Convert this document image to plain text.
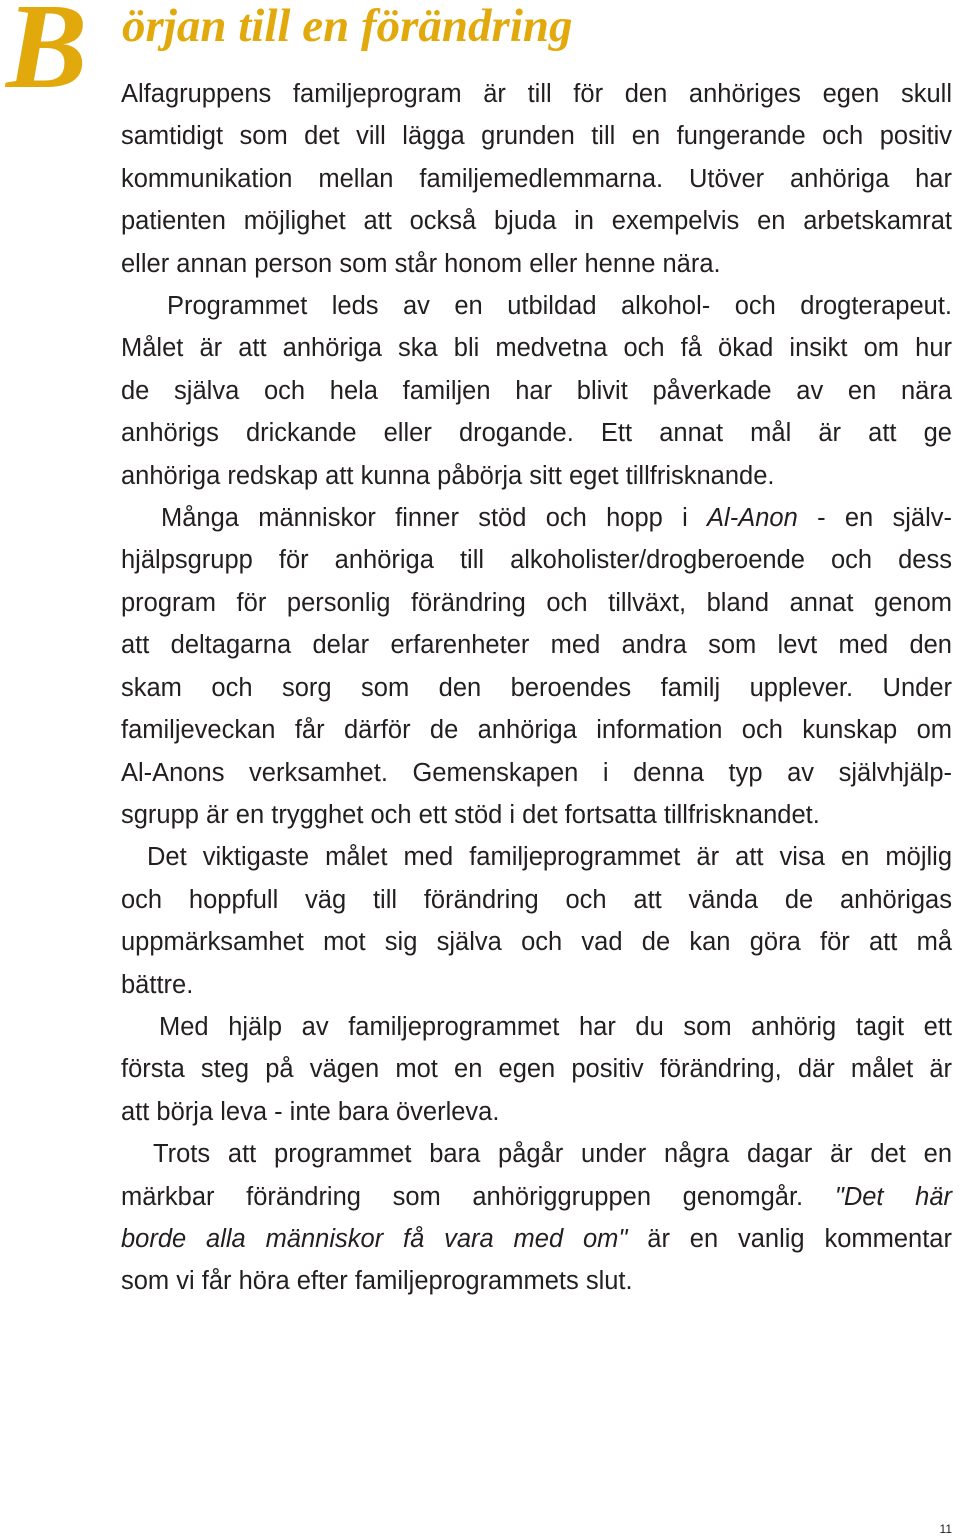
B örjan till en förändring

Alfagruppens familjeprogram är till för den anhöriges egen skull
samtidigt som det vill lägga grunden till en fungerande och positiv
kommunikation mellan familjemedlemmarna. Utöver anhöriga har
patienten möjlighet att också bjuda in exempelvis en arbetskamrat
eller annan person som står honom eller henne nära.

Programmet leds av en utbildad alkohol- och drogterapeut.
Målet är att anhöriga ska bli medvetna och få ökad insikt om hur
de själva och hela familjen har blivit påverkade av en nära
anhörigs drickande eller drogande. Ett annat mål är att ge
anhöriga redskap att kunna påbörja sitt eget tillfrisknande.

Många människor finner stöd och hopp i Al-Anon - en själv-
hjälpsgrupp för anhöriga till alkoholister/drogberoende och dess
program för personlig förändring och tillväxt, bland annat genom
att deltagarna delar erfarenheter med andra som levt med den
skam och sorg som den beroendes familj upplever. Under
familjeveckan får därför de anhöriga information och kunskap om
Al-Anons verksamhet. Gemenskapen i denna typ av självhjälp-
sgrupp är en trygghet och ett stöd i det fortsatta tillfrisknandet.

Det viktigaste målet med familjeprogrammet är att visa en möjlig
och hoppfull väg till förändring och att vända de anhörigas
uppmärksamhet mot sig själva och vad de kan göra för att må
bättre.

Med hjälp av familjeprogrammet har du som anhörig tagit ett
första steg på vägen mot en egen positiv förändring, där målet är
att börja leva - inte bara överleva.

Trots att programmet bara pågår under några dagar är det en
märkbar förändring som anhöriggruppen genomgår. "Det här
borde alla människor få vara med om" är en vanlig kommentar
som vi får höra efter familjeprogrammets slut.

11
